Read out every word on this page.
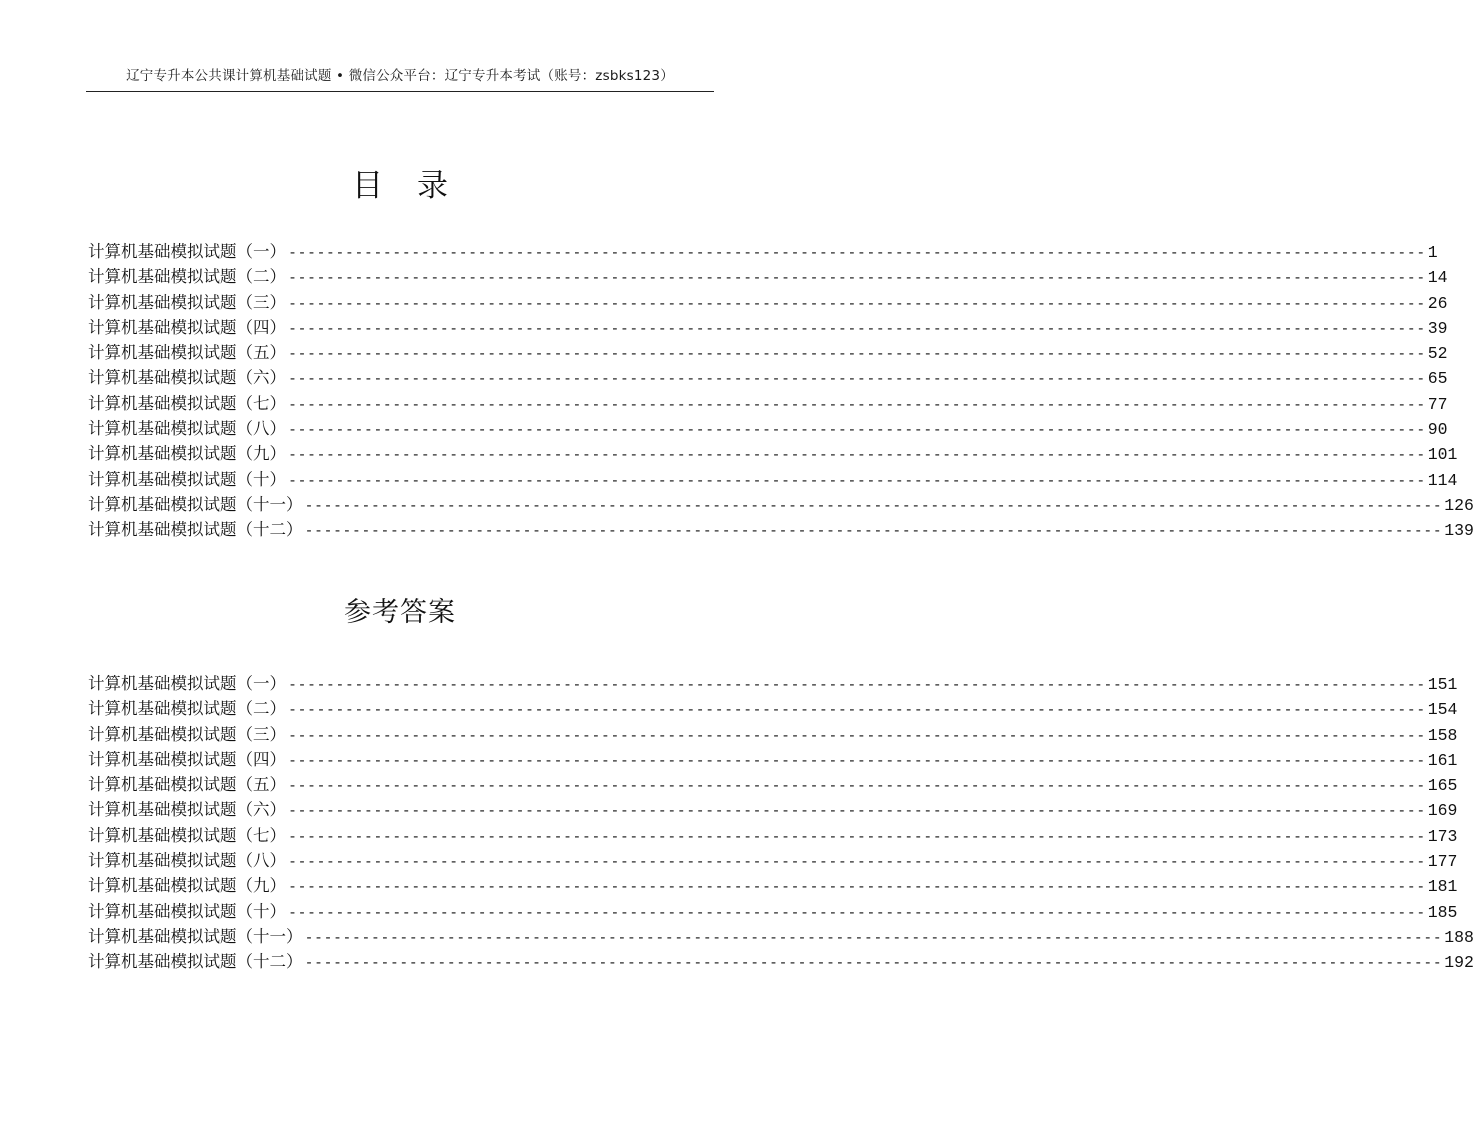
辽宁专升本公共课计算机基础试题 • 微信公众平台：辽宁专升本考试（账号：zsbks123）
目录
计算机基础模拟试题（一） ------------------------------------------------------------------------------------------------------------------------ 1
计算机基础模拟试题（二） ------------------------------------------------------------------------------------------------------------------------ 14
计算机基础模拟试题（三） ------------------------------------------------------------------------------------------------------------------------ 26
计算机基础模拟试题（四） ------------------------------------------------------------------------------------------------------------------------ 39
计算机基础模拟试题（五） ------------------------------------------------------------------------------------------------------------------------ 52
计算机基础模拟试题（六） ------------------------------------------------------------------------------------------------------------------------ 65
计算机基础模拟试题（七） ------------------------------------------------------------------------------------------------------------------------ 77
计算机基础模拟试题（八） ------------------------------------------------------------------------------------------------------------------------ 90
计算机基础模拟试题（九） ------------------------------------------------------------------------------------------------------------------------ 101
计算机基础模拟试题（十） ------------------------------------------------------------------------------------------------------------------------ 114
计算机基础模拟试题（十一） ------------------------------------------------------------------------------------------------------------------------ 126
计算机基础模拟试题（十二） ------------------------------------------------------------------------------------------------------------------------ 139
参考答案
计算机基础模拟试题（一） ------------------------------------------------------------------------------------------------------------------------ 151
计算机基础模拟试题（二） ------------------------------------------------------------------------------------------------------------------------ 154
计算机基础模拟试题（三） ------------------------------------------------------------------------------------------------------------------------ 158
计算机基础模拟试题（四） ------------------------------------------------------------------------------------------------------------------------ 161
计算机基础模拟试题（五） ------------------------------------------------------------------------------------------------------------------------ 165
计算机基础模拟试题（六） ------------------------------------------------------------------------------------------------------------------------ 169
计算机基础模拟试题（七） ------------------------------------------------------------------------------------------------------------------------ 173
计算机基础模拟试题（八） ------------------------------------------------------------------------------------------------------------------------ 177
计算机基础模拟试题（九） ------------------------------------------------------------------------------------------------------------------------ 181
计算机基础模拟试题（十） ------------------------------------------------------------------------------------------------------------------------ 185
计算机基础模拟试题（十一） ------------------------------------------------------------------------------------------------------------------------ 188
计算机基础模拟试题（十二） ------------------------------------------------------------------------------------------------------------------------ 192
